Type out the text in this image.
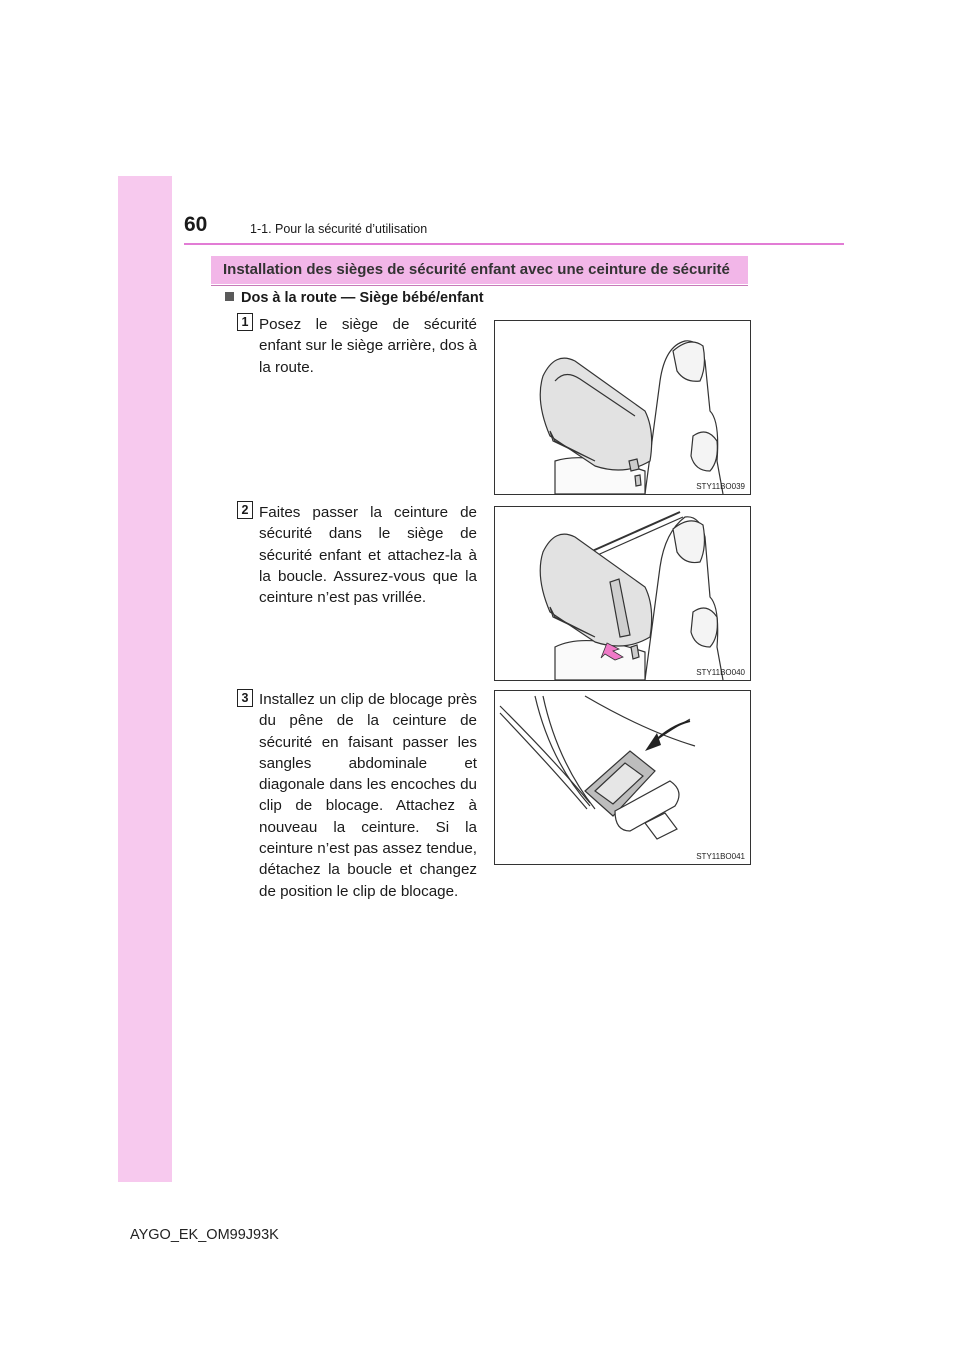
60	1-1. Pour la sécurité d’utilisation
Installation des sièges de sécurité enfant avec une ceinture de sécurité
Dos à la route — Siège bébé/enfant
1 Posez le siège de sécurité enfant sur le siège arrière, dos à la route.
STY11BO039
2 Faites passer la ceinture de sécurité dans le siège de sécurité enfant et attachez-la à la boucle. Assurez-vous que la ceinture n’est pas vrillée.
STY11BO040
3 Installez un clip de blocage près du pêne de la ceinture de sécurité en faisant passer les sangles abdominale et diagonale dans les encoches du clip de blocage. Attachez à nouveau la ceinture. Si la ceinture n’est pas assez tendue, détachez la boucle et changez de position le clip de blocage.
STY11BO041
AYGO_EK_OM99J93K
